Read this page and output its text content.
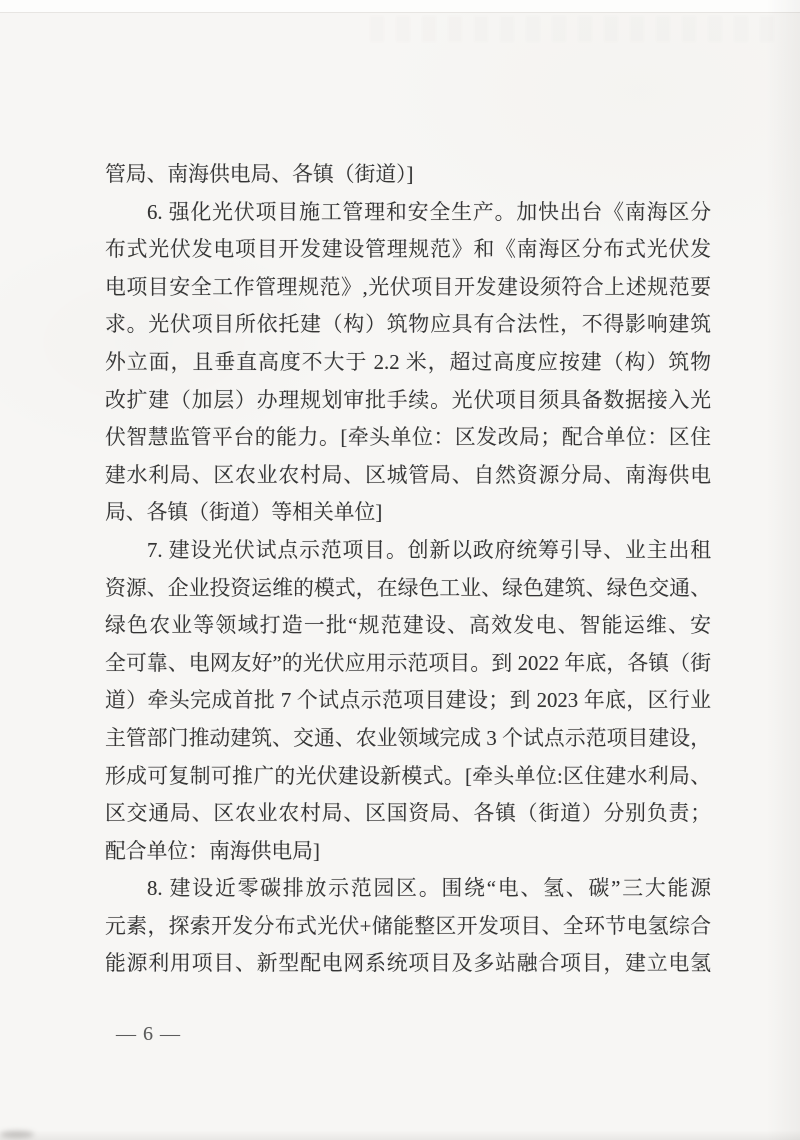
管局、南海供电局、各镇（街道）]
6. 强化光伏项目施工管理和安全生产。加快出台《南海区分
布式光伏发电项目开发建设管理规范》和《南海区分布式光伏发
电项目安全工作管理规范》,光伏项目开发建设须符合上述规范要
求。光伏项目所依托建（构）筑物应具有合法性，不得影响建筑
外立面，且垂直高度不大于 2.2 米，超过高度应按建（构）筑物
改扩建（加层）办理规划审批手续。光伏项目须具备数据接入光
伏智慧监管平台的能力。[牵头单位：区发改局；配合单位：区住
建水利局、区农业农村局、区城管局、自然资源分局、南海供电
局、各镇（街道）等相关单位]
7. 建设光伏试点示范项目。创新以政府统筹引导、业主出租
资源、企业投资运维的模式，在绿色工业、绿色建筑、绿色交通、
绿色农业等领域打造一批“规范建设、高效发电、智能运维、安
全可靠、电网友好”的光伏应用示范项目。到 2022 年底，各镇（街
道）牵头完成首批 7 个试点示范项目建设；到 2023 年底，区行业
主管部门推动建筑、交通、农业领域完成 3 个试点示范项目建设，
形成可复制可推广的光伏建设新模式。[牵头单位:区住建水利局、
区交通局、区农业农村局、区国资局、各镇（街道）分别负责；
配合单位：南海供电局]
8. 建设近零碳排放示范园区。围绕“电、氢、碳”三大能源
元素，探索开发分布式光伏+储能整区开发项目、全环节电氢综合
能源利用项目、新型配电网系统项目及多站融合项目，建立电氢
— 6 —
